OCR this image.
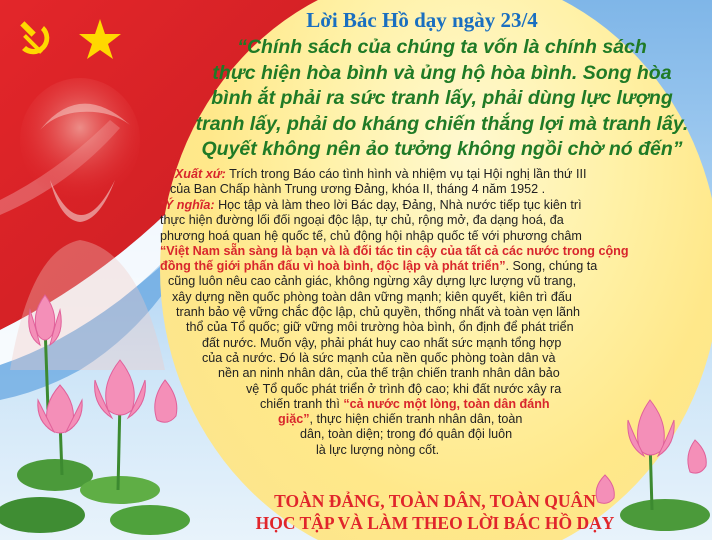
Lời Bác Hồ dạy ngày 23/4

“Chính sách của chúng ta vốn là chính sách
thực hiện hòa bình và ủng hộ hòa bình. Song hòa
bình ắt phải ra sức tranh lấy, phải dùng lực lượng
tranh lấy, phải do kháng chiến thắng lợi mà tranh lấy.
Quyết không nên ảo tưởng không ngồi chờ nó đến”

*Xuất xứ: Trích trong Báo cáo tình hình và nhiệm vụ tại Hội nghị lần thứ III
của Ban Chấp hành Trung ương Đảng, khóa II, tháng 4 năm 1952 .

*Ý nghĩa: Học tập và làm theo lời Bác dạy, Đảng, Nhà nước tiếp tục kiên trì
thực hiện đường lối đối ngoại độc lập, tự chủ, rộng mở, đa dạng hoá, đa
phương hoá quan hệ quốc tế, chủ động hội nhập quốc tế với phương châm
“Việt Nam sẵn sàng là bạn và là đối tác tin cậy của tất cả các nước trong cộng
đồng thế giới phấn đấu vì hoà bình, độc lập và phát triển”. Song, chúng ta
cũng luôn nêu cao cảnh giác, không ngừng xây dựng lực lượng vũ trang,
xây dựng nền quốc phòng toàn dân vững mạnh; kiên quyết, kiên trì đấu
tranh bảo vệ vững chắc độc lập, chủ quyền, thống nhất và toàn vẹn lãnh
thổ của Tổ quốc; giữ vững môi trường hòa bình, ổn định để phát triển
đất nước. Muốn vậy, phải phát huy cao nhất sức mạnh tổng hợp
của cả nước. Đó là sức mạnh của nền quốc phòng toàn dân và
nền an ninh nhân dân, của thế trận chiến tranh nhân dân bảo
vệ Tổ quốc phát triển ở trình độ cao; khi đất nước xây ra
chiến tranh thì “cả nước một lòng, toàn dân đánh
giặc”, thực hiện chiến tranh nhân dân, toàn
dân, toàn diện; trong đó quân đội luôn
là lực lượng nòng cốt.

TOÀN ĐẢNG, TOÀN DÂN, TOÀN QUÂN
HỌC TẬP VÀ LÀM THEO LỜI BÁC HỒ DẠY
